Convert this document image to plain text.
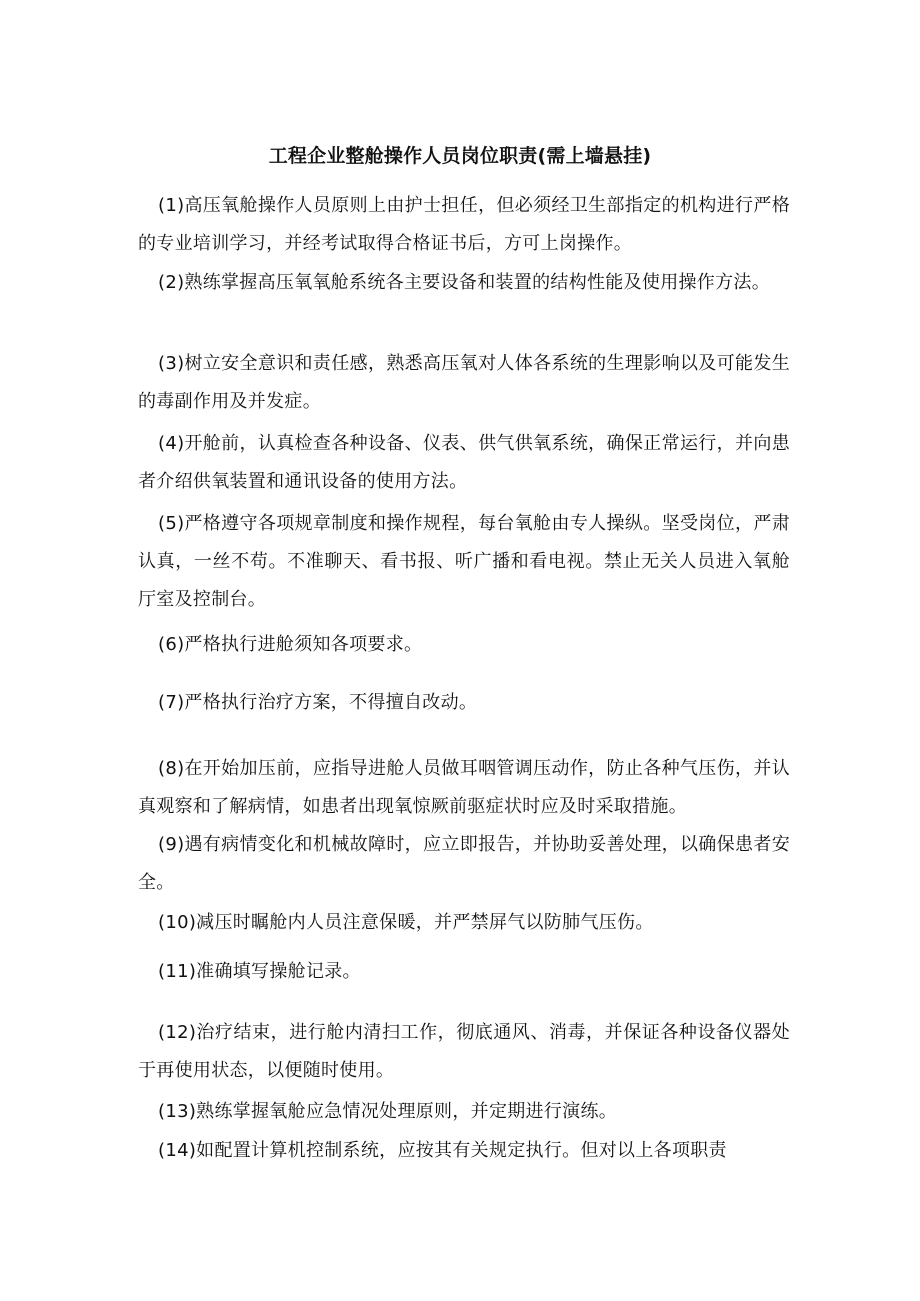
工程企业整舱操作人员岗位职责(需上墙悬挂)

(1)高压氧舱操作人员原则上由护士担任，但必须经卫生部指定的机构进行严格的专业培训学习，并经考试取得合格证书后，方可上岗操作。

(2)熟练掌握高压氧氧舱系统各主要设备和装置的结构性能及使用操作方法。

(3)树立安全意识和责任感，熟悉高压氧对人体各系统的生理影响以及可能发生的毒副作用及并发症。

(4)开舱前，认真检查各种设备、仪表、供气供氧系统，确保正常运行，并向患者介绍供氧装置和通讯设备的使用方法。

(5)严格遵守各项规章制度和操作规程，每台氧舱由专人操纵。坚受岗位，严肃认真，一丝不苟。不准聊天、看书报、听广播和看电视。禁止无关人员进入氧舱厅室及控制台。

(6)严格执行进舱须知各项要求。

(7)严格执行治疗方案，不得擅自改动。

(8)在开始加压前，应指导进舱人员做耳咽管调压动作，防止各种气压伤，并认真观察和了解病情，如患者出现氧惊厥前驱症状时应及时采取措施。

(9)遇有病情变化和机械故障时，应立即报告，并协助妥善处理，以确保患者安全。

(10)减压时瞩舱内人员注意保暖，并严禁屏气以防肺气压伤。

(11)准确填写操舱记录。

(12)治疗结束，进行舱内清扫工作，彻底通风、消毒，并保证各种设备仪器处于再使用状态，以便随时使用。

(13)熟练掌握氧舱应急情况处理原则，并定期进行演练。

(14)如配置计算机控制系统，应按其有关规定执行。但对以上各项职责
